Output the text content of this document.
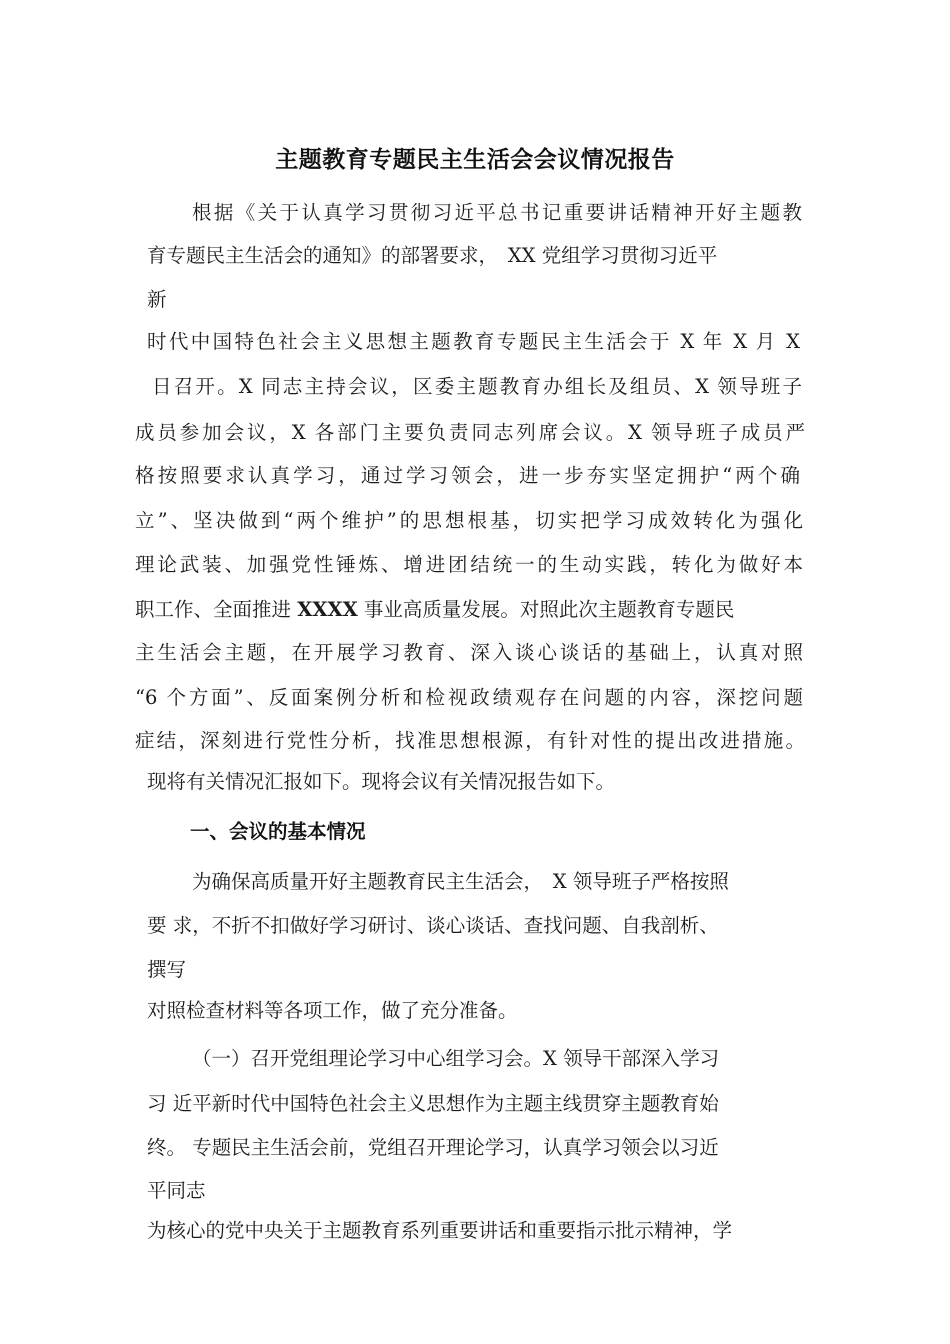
主题教育专题民主生活会会议情况报告
根据《关于认真学习贯彻习近平总书记重要讲话精神开好主题教
育专题民主生活会的通知》的部署要求，　XX 党组学习贯彻习近平
新
时代中国特色社会主义思想主题教育专题民主生活会于 X 年 X 月 X
日召开。X 同志主持会议，区委主题教育办组长及组员、X 领导班子
成员参加会议，X 各部门主要负责同志列席会议。X 领导班子成员严
格按照要求认真学习，通过学习领会，进一步夯实坚定拥护“两个确
立”、坚决做到“两个维护”的思想根基，切实把学习成效转化为强化
理论武装、加强党性锤炼、增进团结统一的生动实践，转化为做好本
职工作、全面推进 XXXX 事业高质量发展。对照此次主题教育专题民
主生活会主题，在开展学习教育、深入谈心谈话的基础上，认真对照
“6 个方面”、反面案例分析和检视政绩观存在问题的内容，深挖问题
症结，深刻进行党性分析，找准思想根源，有针对性的提出改进措施。
现将有关情况汇报如下。现将会议有关情况报告如下。
一、会议的基本情况
为确保高质量开好主题教育民主生活会，　X 领导班子严格按照
要 求，不折不扣做好学习研讨、谈心谈话、查找问题、自我剖析、
撰写
对照检查材料等各项工作，做了充分准备。
（一）召开党组理论学习中心组学习会。X 领导干部深入学习
习 近平新时代中国特色社会主义思想作为主题主线贯穿主题教育始
终。 专题民主生活会前，党组召开理论学习，认真学习领会以习近
平同志
为核心的党中央关于主题教育系列重要讲话和重要指示批示精神，学
